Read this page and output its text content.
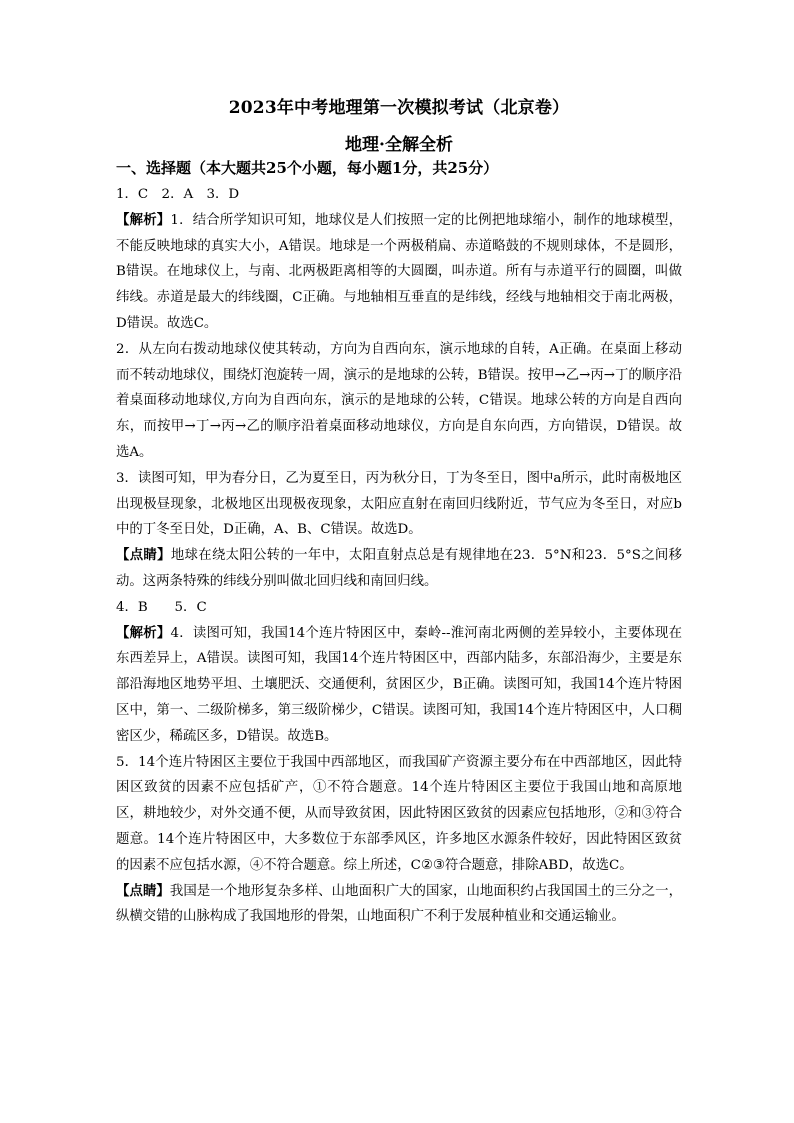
2023年中考地理第一次模拟考试（北京卷）
地理·全解全析
一、选择题（本大题共25个小题，每小题1分，共25分）

1．C　2．A　3．D

【解析】1．结合所学知识可知，地球仪是人们按照一定的比例把地球缩小，制作的地球模型，不能反映地球的真实大小，A错误。地球是一个两极稍扁、赤道略鼓的不规则球体，不是圆形，B错误。在地球仪上，与南、北两极距离相等的大圆圈，叫赤道。所有与赤道平行的圆圈，叫做纬线。赤道是最大的纬线圈，C正确。与地轴相互垂直的是纬线，经线与地轴相交于南北两极，D错误。故选C。

2．从左向右拨动地球仪使其转动，方向为自西向东，演示地球的自转，A正确。在桌面上移动而不转动地球仪，围绕灯泡旋转一周，演示的是地球的公转，B错误。按甲→乙→丙→丁的顺序沿着桌面移动地球仪,方向为自西向东，演示的是地球的公转，C错误。地球公转的方向是自西向东，而按甲→丁→丙→乙的顺序沿着桌面移动地球仪，方向是自东向西，方向错误，D错误。故选A。

3．读图可知，甲为春分日，乙为夏至日，丙为秋分日，丁为冬至日，图中a所示，此时南极地区出现极昼现象，北极地区出现极夜现象，太阳应直射在南回归线附近，节气应为冬至日，对应b中的丁冬至日处，D正确，A、B、C错误。故选D。

【点睛】地球在绕太阳公转的一年中，太阳直射点总是有规律地在23．5°N和23．5°S之间移动。这两条特殊的纬线分别叫做北回归线和南回归线。

4．B　　5．C

【解析】4．读图可知，我国14个连片特困区中，秦岭--淮河南北两侧的差异较小，主要体现在东西差异上，A错误。读图可知，我国14个连片特困区中，西部内陆多，东部沿海少，主要是东部沿海地区地势平坦、土壤肥沃、交通便利，贫困区少，B正确。读图可知，我国14个连片特困区中，第一、二级阶梯多，第三级阶梯少，C错误。读图可知，我国14个连片特困区中，人口稠密区少，稀疏区多，D错误。故选B。

5．14个连片特困区主要位于我国中西部地区，而我国矿产资源主要分布在中西部地区，因此特困区致贫的因素不应包括矿产，①不符合题意。14个连片特困区主要位于我国山地和高原地区，耕地较少，对外交通不便，从而导致贫困，因此特困区致贫的因素应包括地形，②和③符合题意。14个连片特困区中，大多数位于东部季风区，许多地区水源条件较好，因此特困区致贫的因素不应包括水源，④不符合题意。综上所述，C②③符合题意，排除ABD，故选C。

【点睛】我国是一个地形复杂多样、山地面积广大的国家，山地面积约占我国国土的三分之一，纵横交错的山脉构成了我国地形的骨架，山地面积广不利于发展种植业和交通运输业。
